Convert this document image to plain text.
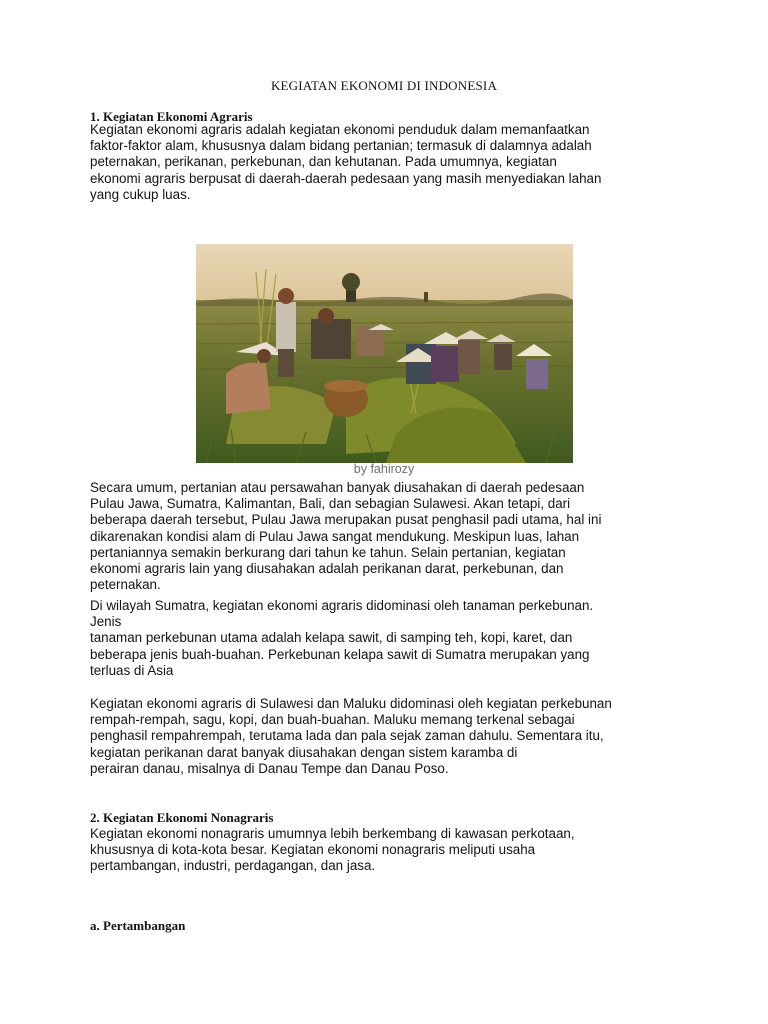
KEGIATAN EKONOMI DI INDONESIA
1. Kegiatan Ekonomi Agraris
Kegiatan ekonomi agraris adalah kegiatan ekonomi penduduk dalam memanfaatkan
faktor-faktor alam, khususnya dalam bidang pertanian; termasuk di dalamnya adalah
peternakan, perikanan, perkebunan, dan kehutanan. Pada umumnya, kegiatan
ekonomi agraris berpusat di daerah-daerah pedesaan yang masih menyediakan lahan
yang cukup luas.
by fahirozy
Secara umum, pertanian atau persawahan banyak diusahakan di daerah pedesaan
Pulau Jawa, Sumatra, Kalimantan, Bali, dan sebagian Sulawesi. Akan tetapi, dari
beberapa daerah tersebut, Pulau Jawa merupakan pusat penghasil padi utama, hal ini
dikarenakan kondisi alam di Pulau Jawa sangat mendukung. Meskipun luas, lahan
pertaniannya semakin berkurang dari tahun ke tahun. Selain pertanian, kegiatan
ekonomi agraris lain yang diusahakan adalah perikanan darat, perkebunan, dan
peternakan.
Di wilayah Sumatra, kegiatan ekonomi agraris didominasi oleh tanaman perkebunan.
Jenis
tanaman perkebunan utama adalah kelapa sawit, di samping teh, kopi, karet, dan
beberapa jenis buah-buahan. Perkebunan kelapa sawit di Sumatra merupakan yang
terluas di Asia
Kegiatan ekonomi agraris di Sulawesi dan Maluku didominasi oleh kegiatan perkebunan
rempah-rempah, sagu, kopi, dan buah-buahan. Maluku memang terkenal sebagai
penghasil rempahrempah, terutama lada dan pala sejak zaman dahulu. Sementara itu,
kegiatan perikanan darat banyak diusahakan dengan sistem karamba di
perairan danau, misalnya di Danau Tempe dan Danau Poso.
2. Kegiatan Ekonomi Nonagraris
Kegiatan ekonomi nonagraris umumnya lebih berkembang di kawasan perkotaan,
khususnya di kota-kota besar. Kegiatan ekonomi nonagraris meliputi usaha
pertambangan, industri, perdagangan, dan jasa.
a. Pertambangan
